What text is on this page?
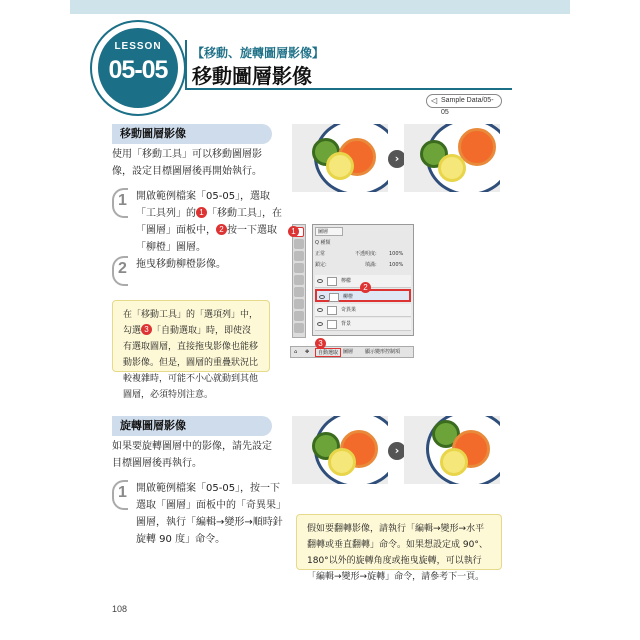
LESSON
05-05
【移動、旋轉圖層影像】
移動圖層影像
◁ Sample Data/05-05
移動圖層影像
使用「移動工具」可以移動圖層影像，設定目標圖層後再開始執行。
1 開啟範例檔案「05-05」，選取「工具列」的 1 「移動工具」，在「圖層」面板中， 2 按一下選取「柳橙」圖層。
2 拖曳移動柳橙影像。
在「移動工具」的「選項列」中，勾選 3 「自動選取」時，即使沒有選取圖層，直接拖曳影像也能移動影像。但是，圖層的重疊狀況比較複雜時，可能不小心就動到其他圖層，必須特別注意。
›
1	圖層
Q 種類
正常	不透明度: 100%
鎖定:	填滿: 100%
檸檬
柳橙
奇異果
背景
2
⌂ ✥	自動選取 圖層 顯示變形控制項
3
旋轉圖層影像
如果要旋轉圖層中的影像，請先設定目標圖層後再執行。
1 開啟範例檔案「05-05」，按一下選取「圖層」面板中的「奇異果」圖層，執行「編輯→變形→順時針旋轉 90 度」命令。
›
假如要翻轉影像，請執行「編輯→變形→水平翻轉或垂直翻轉」命令。如果想設定成 90°、180°以外的旋轉角度或拖曳旋轉，可以執行「編輯→變形→旋轉」命令，請參考下一頁。
108
